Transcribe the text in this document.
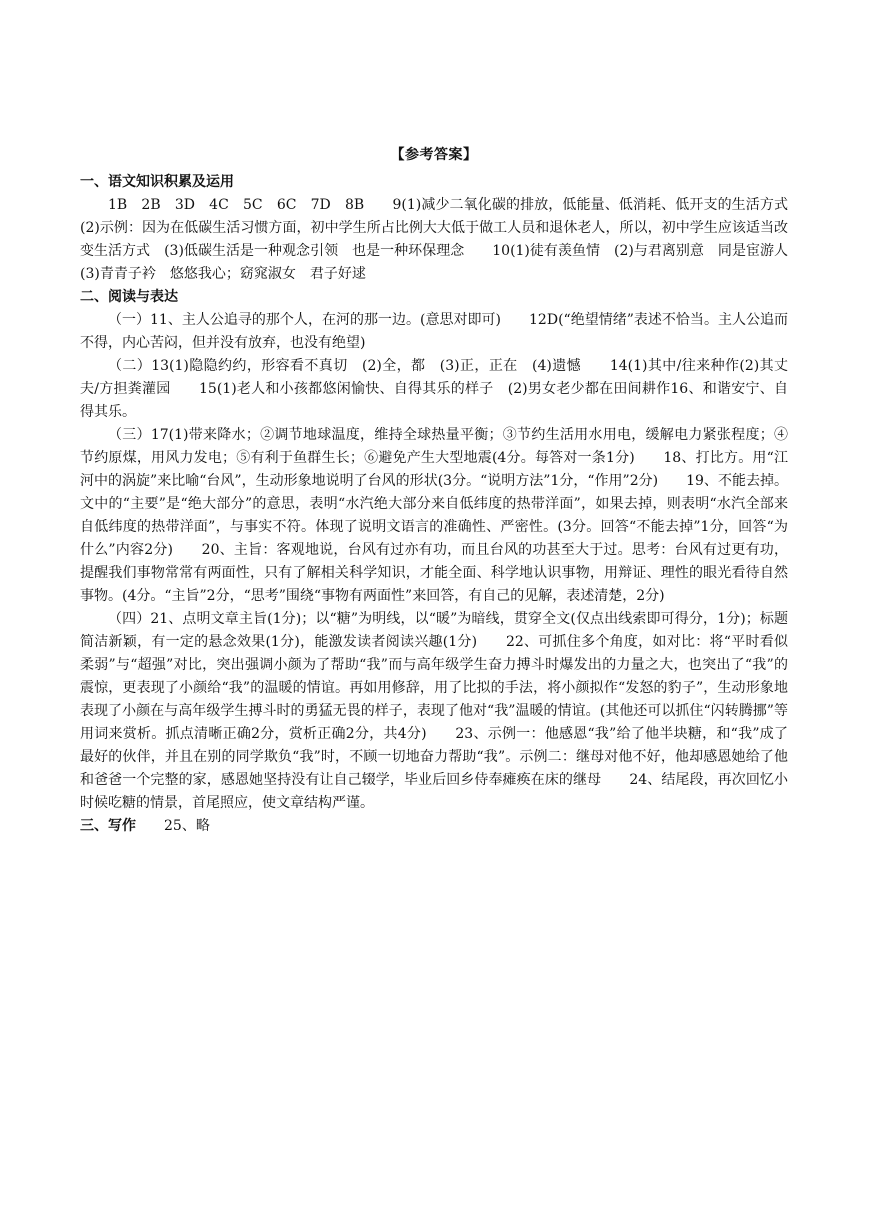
【参考答案】

一、语文知识积累及运用

1B　2B　3D　4C　5C　6C　7D　8B　　9(1)减少二氧化碳的排放，低能量、低消耗、低开支的生活方式　(2)示例：因为在低碳生活习惯方面，初中学生所占比例大大低于做工人员和退休老人，所以，初中学生应该适当改变生活方式　(3)低碳生活是一种观念引领　也是一种环保理念　　10(1)徒有羡鱼情　(2)与君离别意　同是宦游人　(3)青青子衿　悠悠我心；窈窕淑女　君子好逑

二、阅读与表达

（一）11、主人公追寻的那个人，在河的那一边。(意思对即可)　　12D(“绝望情绪”表述不恰当。主人公追而不得，内心苦闷，但并没有放弃，也没有绝望)

（二）13(1)隐隐约约，形容看不真切　(2)全，都　(3)正，正在　(4)遗憾　　14(1)其中/往来种作(2)其丈夫/方担粪灌园　　15(1)老人和小孩都悠闲愉快、自得其乐的样子　(2)男女老少都在田间耕作16、和谐安宁、自得其乐。

（三）17(1)带来降水；②调节地球温度，维持全球热量平衡；③节约生活用水用电，缓解电力紧张程度；④节约原煤，用风力发电；⑤有利于鱼群生长；⑥避免产生大型地震(4分。每答对一条1分)　　18、打比方。用“江河中的涡旋”来比喻“台风”，生动形象地说明了台风的形状(3分。“说明方法”1分，“作用”2分)　　19、不能去掉。文中的“主要”是“绝大部分”的意思，表明“水汽绝大部分来自低纬度的热带洋面”，如果去掉，则表明“水汽全部来自低纬度的热带洋面”，与事实不符。体现了说明文语言的准确性、严密性。(3分。回答“不能去掉”1分，回答“为什么”内容2分)　　20、主旨：客观地说，台风有过亦有功，而且台风的功甚至大于过。思考：台风有过更有功，提醒我们事物常常有两面性，只有了解相关科学知识，才能全面、科学地认识事物，用辩证、理性的眼光看待自然事物。(4分。“主旨”2分，“思考”围绕“事物有两面性”来回答，有自己的见解，表述清楚，2分)

（四）21、点明文章主旨(1分)；以“糖”为明线，以“暖”为暗线，贯穿全文(仅点出线索即可得分，1分)；标题简洁新颖，有一定的悬念效果(1分)，能激发读者阅读兴趣(1分)　　22、可抓住多个角度，如对比：将“平时看似柔弱”与“超强”对比，突出强调小颜为了帮助“我”而与高年级学生奋力搏斗时爆发出的力量之大，也突出了“我”的震惊，更表现了小颜给“我”的温暖的情谊。再如用修辞，用了比拟的手法，将小颜拟作“发怒的豹子”，生动形象地表现了小颜在与高年级学生搏斗时的勇猛无畏的样子，表现了他对“我”温暖的情谊。(其他还可以抓住“闪转腾挪”等用词来赏析。抓点清晰正确2分，赏析正确2分，共4分)　　23、示例一：他感恩“我”给了他半块糖，和“我”成了最好的伙伴，并且在别的同学欺负“我”时，不顾一切地奋力帮助“我”。示例二：继母对他不好，他却感恩她给了他和爸爸一个完整的家，感恩她坚持没有让自己辍学，毕业后回乡侍奉瘫痪在床的继母　　24、结尾段，再次回忆小时候吃糖的情景，首尾照应，使文章结构严谨。

三、写作　　25、略
